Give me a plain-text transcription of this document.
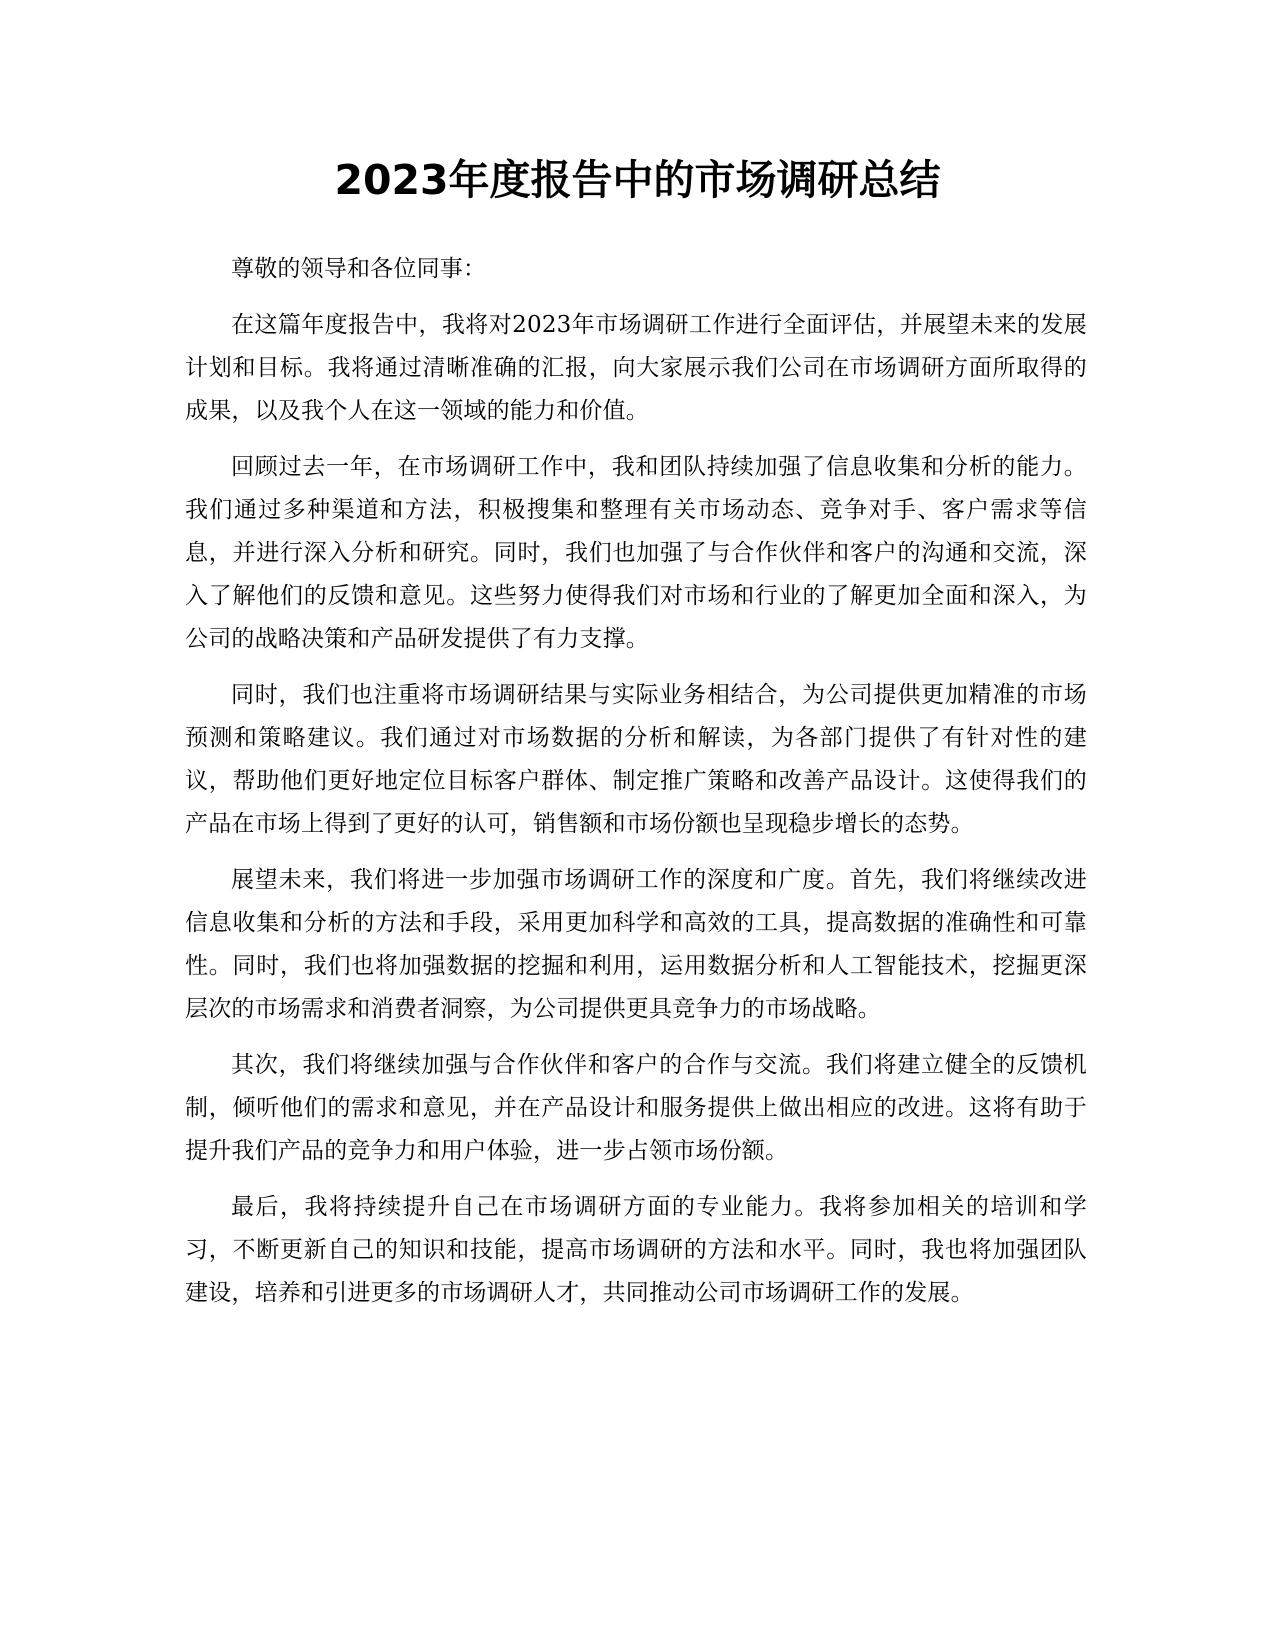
2023年度报告中的市场调研总结

尊敬的领导和各位同事：

在这篇年度报告中，我将对2023年市场调研工作进行全面评估，并展望未来的发展计划和目标。我将通过清晰准确的汇报，向大家展示我们公司在市场调研方面所取得的成果，以及我个人在这一领域的能力和价值。

回顾过去一年，在市场调研工作中，我和团队持续加强了信息收集和分析的能力。我们通过多种渠道和方法，积极搜集和整理有关市场动态、竞争对手、客户需求等信息，并进行深入分析和研究。同时，我们也加强了与合作伙伴和客户的沟通和交流，深入了解他们的反馈和意见。这些努力使得我们对市场和行业的了解更加全面和深入，为公司的战略决策和产品研发提供了有力支撑。

同时，我们也注重将市场调研结果与实际业务相结合，为公司提供更加精准的市场预测和策略建议。我们通过对市场数据的分析和解读，为各部门提供了有针对性的建议，帮助他们更好地定位目标客户群体、制定推广策略和改善产品设计。这使得我们的产品在市场上得到了更好的认可，销售额和市场份额也呈现稳步增长的态势。

展望未来，我们将进一步加强市场调研工作的深度和广度。首先，我们将继续改进信息收集和分析的方法和手段，采用更加科学和高效的工具，提高数据的准确性和可靠性。同时，我们也将加强数据的挖掘和利用，运用数据分析和人工智能技术，挖掘更深层次的市场需求和消费者洞察，为公司提供更具竞争力的市场战略。

其次，我们将继续加强与合作伙伴和客户的合作与交流。我们将建立健全的反馈机制，倾听他们的需求和意见，并在产品设计和服务提供上做出相应的改进。这将有助于提升我们产品的竞争力和用户体验，进一步占领市场份额。

最后，我将持续提升自己在市场调研方面的专业能力。我将参加相关的培训和学习，不断更新自己的知识和技能，提高市场调研的方法和水平。同时，我也将加强团队建设，培养和引进更多的市场调研人才，共同推动公司市场调研工作的发展。
